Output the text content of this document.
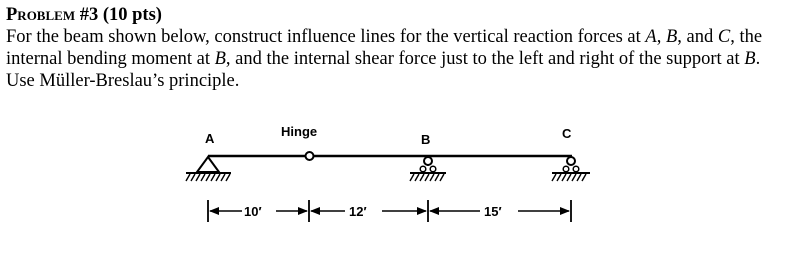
Problem #3 (10 pts)

For the beam shown below, construct influence lines for the vertical reaction forces at A, B, and C, the internal bending moment at B, and the internal shear force just to the left and right of the support at B. Use Müller-Breslau’s principle.

A	Hinge
B	C
10′	12′	15′
